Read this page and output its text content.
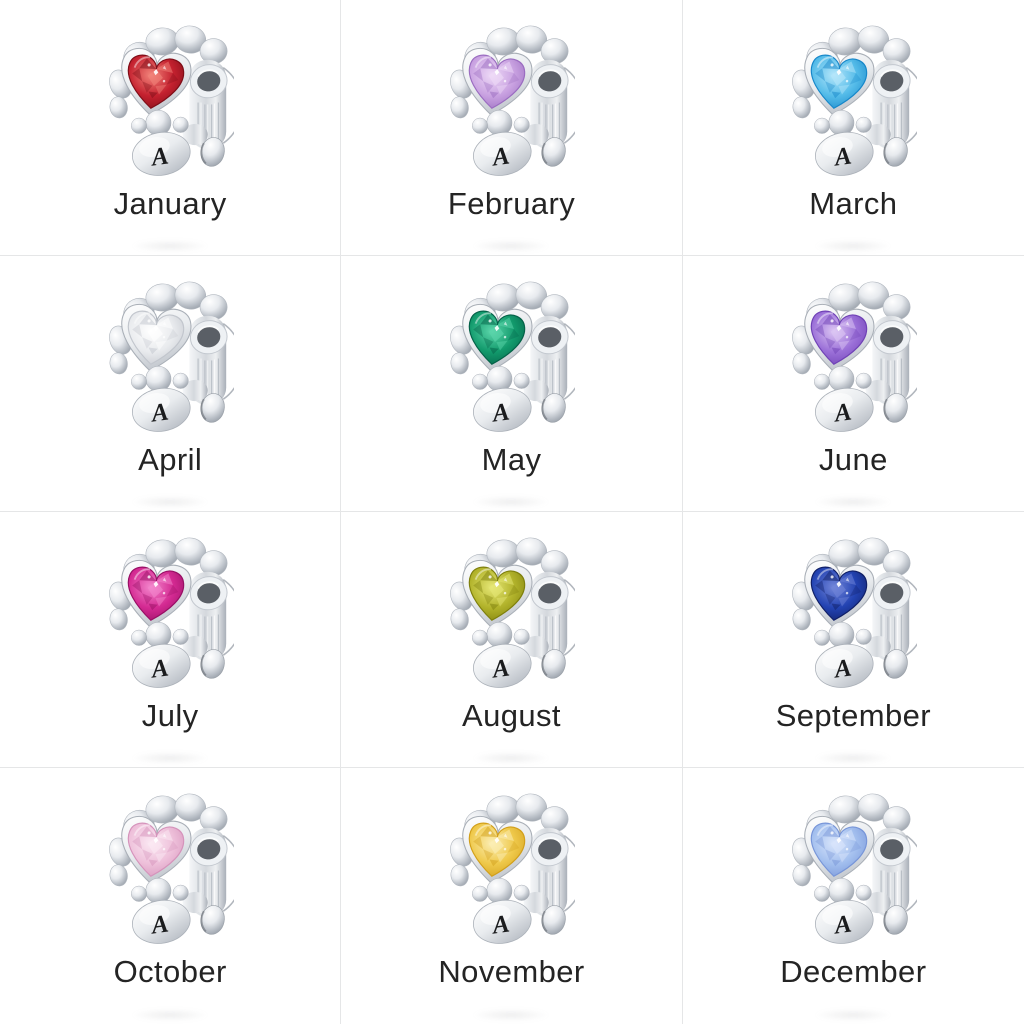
A
January
A
February
A
March
A
April
A
May
A
June
A
July
A
August
A
September
A
October
A
November
A
December
